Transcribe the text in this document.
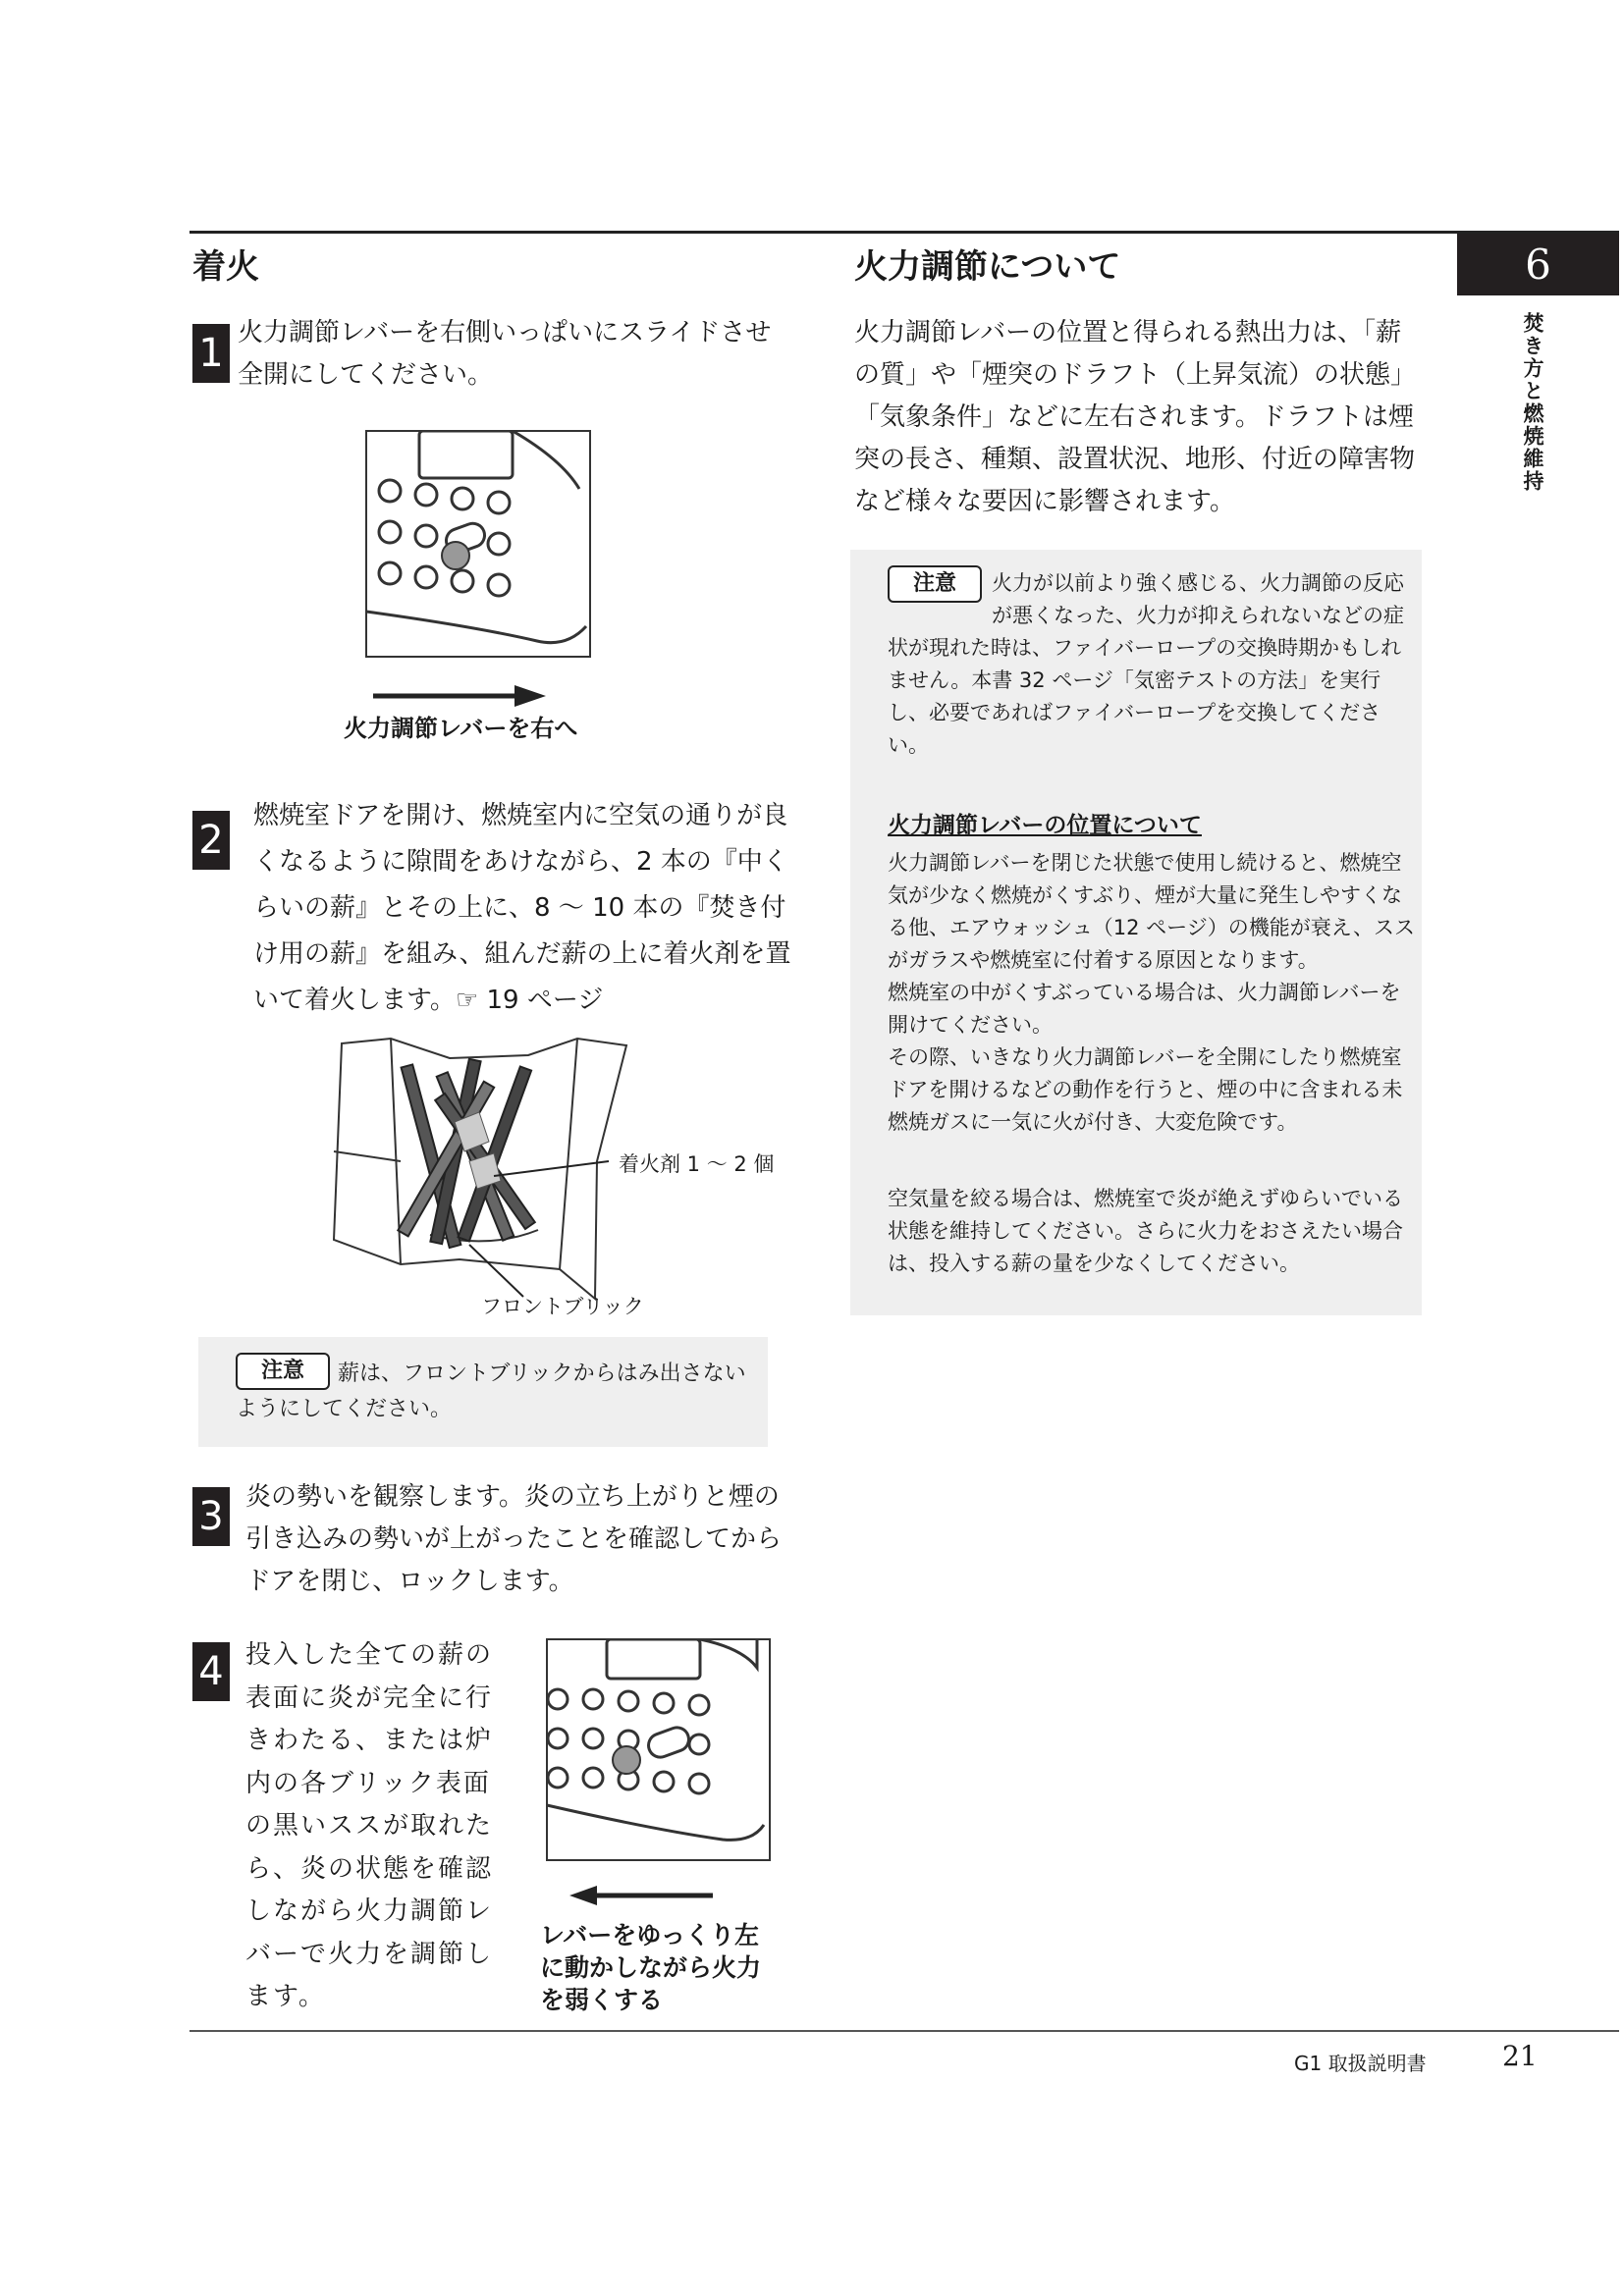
着火	火力調節について	6
焚き方と燃焼維持
1 火力調節レバーを右側いっぱいにスライドさせ全開にしてください。
火力調節レバーを右へ
2
燃焼室ドアを開け、燃焼室内に空気の通りが良くなるように隙間をあけながら、2 本の『中くらいの薪』とその上に、8 ～ 10 本の『焚き付け用の薪』を組み、組んだ薪の上に着火剤を置いて着火します。☞ 19 ページ
着火剤 1 ～ 2 個
フロントブリック
注意	薪は、フロントブリックからはみ出さないようにしてください。
3 炎の勢いを観察します。炎の立ち上がりと煙の引き込みの勢いが上がったことを確認してからドアを閉じ、ロックします。
4 投入した全ての薪の表面に炎が完全に行きわたる、または炉内の各ブリック表面の黒いススが取れたら、炎の状態を確認しながら火力調節レバーで火力を調節します。
レバーをゆっくり左に動かしながら火力を弱くする
火力調節レバーの位置と得られる熱出力は、「薪の質」や「煙突のドラフト（上昇気流）の状態」「気象条件」などに左右されます。ドラフトは煙突の長さ、種類、設置状況、地形、付近の障害物など様々な要因に影響されます。
注意	火力が以前より強く感じる、火力調節の反応が悪くなった、火力が抑えられないなどの症状が現れた時は、ファイバーロープの交換時期かもしれません。本書 32 ページ「気密テストの方法」を実行し、必要であればファイバーロープを交換してください。
火力調節レバーの位置について
火力調節レバーを閉じた状態で使用し続けると、燃焼空気が少なく燃焼がくすぶり、煙が大量に発生しやすくなる他、エアウォッシュ（12 ページ）の機能が衰え、ススがガラスや燃焼室に付着する原因となります。
燃焼室の中がくすぶっている場合は、火力調節レバーを開けてください。
その際、いきなり火力調節レバーを全開にしたり燃焼室ドアを開けるなどの動作を行うと、煙の中に含まれる未燃焼ガスに一気に火が付き、大変危険です。
空気量を絞る場合は、燃焼室で炎が絶えずゆらいでいる状態を維持してください。さらに火力をおさえたい場合は、投入する薪の量を少なくしてください。
G1 取扱説明書	21
